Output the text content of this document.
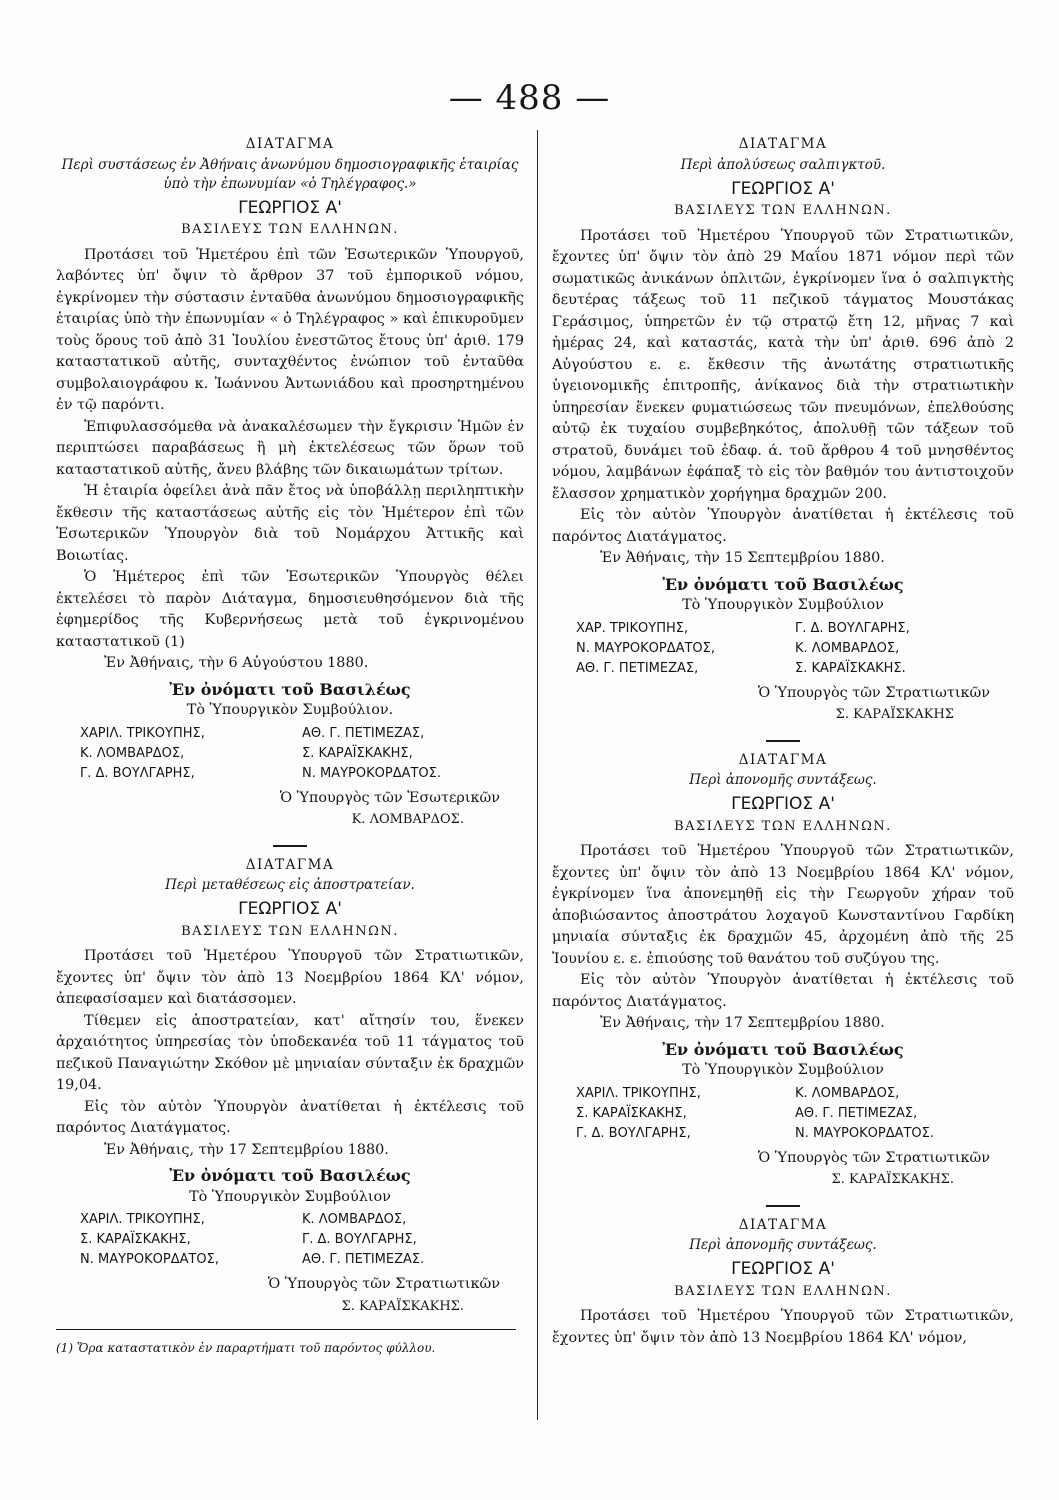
— 488 —
ΔΙΑΤΑΓΜΑ
Περὶ συστάσεως ἐν Ἀθήναις ἀνωνύμου δημοσιογραφικῆς ἑταιρίας ὑπὸ τὴν ἐπωνυμίαν «ὁ Τηλέγραφος.»
ΓΕΩΡΓΙΟΣ Α'
ΒΑΣΙΛΕΥΣ ΤΩΝ ΕΛΛΗΝΩΝ.

Προτάσει τοῦ Ἡμετέρου ἐπὶ τῶν Ἐσωτερικῶν Ὑπουργοῦ, λαβόντες ὑπ' ὄψιν τὸ ἄρθρον 37 τοῦ ἐμπορικοῦ νόμου, ἐγκρίνομεν τὴν σύστασιν ἐνταῦθα ἀνωνύμου δημοσιογραφικῆς ἑταιρίας ὑπὸ τὴν ἐπωνυμίαν « ὁ Τηλέγραφος » καὶ ἐπικυροῦμεν τοὺς ὅρους τοῦ ἀπὸ 31 Ἰουλίου ἐνεστῶτος ἔτους ὑπ' ἀριθ. 179 καταστατικοῦ αὐτῆς, συνταχθέντος ἐνώπιον τοῦ ἐνταῦθα συμβολαιογράφου κ. Ἰωάννου Ἀντωνιάδου καὶ προσηρτημένου ἐν τῷ παρόντι.

Ἐπιφυλασσόμεθα νὰ ἀνακαλέσωμεν τὴν ἔγκρισιν Ἡμῶν ἐν περιπτώσει παραβάσεως ἢ μὴ ἐκτελέσεως τῶν ὅρων τοῦ καταστατικοῦ αὐτῆς, ἄνευ βλάβης τῶν δικαιωμάτων τρίτων.

Ἡ ἑταιρία ὀφείλει ἀνὰ πᾶν ἔτος νὰ ὑποβάλλῃ περιληπτικὴν ἔκθεσιν τῆς καταστάσεως αὐτῆς εἰς τὸν Ἡμέτερον ἐπὶ τῶν Ἐσωτερικῶν Ὑπουργὸν διὰ τοῦ Νομάρχου Ἀττικῆς καὶ Βοιωτίας.

Ὁ Ἡμέτερος ἐπὶ τῶν Ἐσωτερικῶν Ὑπουργὸς θέλει ἐκτελέσει τὸ παρὸν Διάταγμα, δημοσιευθησόμενον διὰ τῆς ἐφημερίδος τῆς Κυβερνήσεως μετὰ τοῦ ἐγκρινομένου καταστατικοῦ (1)

Ἐν Ἀθήναις, τὴν 6 Αὐγούστου 1880.
Ἐν ὀνόματι τοῦ Βασιλέως
Τὸ Ὑπουργικὸν Συμβούλιον.
ΧΑΡΙΛ. ΤΡΙΚΟΥΠΗΣ,	ΑΘ. Γ. ΠΕΤΙΜΕΖΑΣ,
Κ. ΛΟΜΒΑΡΔΟΣ,	Σ. ΚΑΡΑΪΣΚΑΚΗΣ,
Γ. Δ. ΒΟΥΛΓΑΡΗΣ,	Ν. ΜΑΥΡΟΚΟΡΔΑΤΟΣ.
Ὁ Ὑπουργὸς τῶν Ἐσωτερικῶν
Κ. ΛΟΜΒΑΡΔΟΣ.
ΔΙΑΤΑΓΜΑ
Περὶ μεταθέσεως εἰς ἀποστρατείαν.
ΓΕΩΡΓΙΟΣ Α'
ΒΑΣΙΛΕΥΣ ΤΩΝ ΕΛΛΗΝΩΝ.

Προτάσει τοῦ Ἡμετέρου Ὑπουργοῦ τῶν Στρατιωτικῶν, ἔχοντες ὑπ' ὄψιν τὸν ἀπὸ 13 Νοεμβρίου 1864 ΚΛ' νόμον, ἀπεφασίσαμεν καὶ διατάσσομεν.

Τίθεμεν εἰς ἀποστρατείαν, κατ' αἴτησίν του, ἕνεκεν ἀρχαιότητος ὑπηρεσίας τὸν ὑποδεκανέα τοῦ 11 τάγματος τοῦ πεζικοῦ Παναγιώτην Σκόθον μὲ μηνιαίαν σύνταξιν ἐκ δραχμῶν 19,04.

Εἰς τὸν αὐτὸν Ὑπουργὸν ἀνατίθεται ἡ ἐκτέλεσις τοῦ παρόντος Διατάγματος.

Ἐν Ἀθήναις, τὴν 17 Σεπτεμβρίου 1880.
Ἐν ὀνόματι τοῦ Βασιλέως
Τὸ Ὑπουργικὸν Συμβούλιον
ΧΑΡΙΛ. ΤΡΙΚΟΥΠΗΣ,	Κ. ΛΟΜΒΑΡΔΟΣ,
Σ. ΚΑΡΑΪΣΚΑΚΗΣ,	Γ. Δ. ΒΟΥΛΓΑΡΗΣ,
Ν. ΜΑΥΡΟΚΟΡΔΑΤΟΣ,	ΑΘ. Γ. ΠΕΤΙΜΕΖΑΣ.
Ὁ Ὑπουργὸς τῶν Στρατιωτικῶν
Σ. ΚΑΡΑΪΣΚΑΚΗΣ.
(1) Ὅρα καταστατικὸν ἐν παραρτήματι τοῦ παρόντος φύλλου.
ΔΙΑΤΑΓΜΑ
Περὶ ἀπολύσεως σαλπιγκτοῦ.
ΓΕΩΡΓΙΟΣ Α'
ΒΑΣΙΛΕΥΣ ΤΩΝ ΕΛΛΗΝΩΝ.

Προτάσει τοῦ Ἡμετέρου Ὑπουργοῦ τῶν Στρατιωτικῶν, ἔχοντες ὑπ' ὄψιν τὸν ἀπὸ 29 Μαΐου 1871 νόμον περὶ τῶν σωματικῶς ἀνικάνων ὁπλιτῶν, ἐγκρίνομεν ἵνα ὁ σαλπιγκτὴς δευτέρας τάξεως τοῦ 11 πεζικοῦ τάγματος Μουστάκας Γεράσιμος, ὑπηρετῶν ἐν τῷ στρατῷ ἔτη 12, μῆνας 7 καὶ ἡμέρας 24, καὶ καταστάς, κατὰ τὴν ὑπ' ἀριθ. 696 ἀπὸ 2 Αὐγούστου ε. ε. ἔκθεσιν τῆς ἀνωτάτης στρατιωτικῆς ὑγειονομικῆς ἐπιτροπῆς, ἀνίκανος διὰ τὴν στρατιωτικὴν ὑπηρεσίαν ἕνεκεν φυματιώσεως τῶν πνευμόνων, ἐπελθούσης αὐτῷ ἐκ τυχαίου συμβεβηκότος, ἀπολυθῇ τῶν τάξεων τοῦ στρατοῦ, δυνάμει τοῦ ἐδαφ. ά. τοῦ ἄρθρου 4 τοῦ μνησθέντος νόμου, λαμβάνων ἐφάπαξ τὸ εἰς τὸν βαθμόν του ἀντιστοιχοῦν ἔλασσον χρηματικὸν χορήγημα δραχμῶν 200.

Εἰς τὸν αὐτὸν Ὑπουργὸν ἀνατίθεται ἡ ἐκτέλεσις τοῦ παρόντος Διατάγματος.

Ἐν Ἀθήναις, τὴν 15 Σεπτεμβρίου 1880.
Ἐν ὀνόματι τοῦ Βασιλέως
Τὸ Ὑπουργικὸν Συμβούλιον
ΧΑΡ. ΤΡΙΚΟΥΠΗΣ,	Γ. Δ. ΒΟΥΛΓΑΡΗΣ,
Ν. ΜΑΥΡΟΚΟΡΔΑΤΟΣ,	Κ. ΛΟΜΒΑΡΔΟΣ,
ΑΘ. Γ. ΠΕΤΙΜΕΖΑΣ,	Σ. ΚΑΡΑΪΣΚΑΚΗΣ.
Ὁ Ὑπουργὸς τῶν Στρατιωτικῶν
Σ. ΚΑΡΑΪΣΚΑΚΗΣ
ΔΙΑΤΑΓΜΑ
Περὶ ἀπονομῆς συντάξεως.
ΓΕΩΡΓΙΟΣ Α'
ΒΑΣΙΛΕΥΣ ΤΩΝ ΕΛΛΗΝΩΝ.

Προτάσει τοῦ Ἡμετέρου Ὑπουργοῦ τῶν Στρατιωτικῶν, ἔχοντες ὑπ' ὄψιν τὸν ἀπὸ 13 Νοεμβρίου 1864 ΚΛ' νόμον, ἐγκρίνομεν ἵνα ἀπονεμηθῇ εἰς τὴν Γεωργοῦν χήραν τοῦ ἀποβιώσαντος ἀποστράτου λοχαγοῦ Κωνσταντίνου Γαρδίκη μηνιαία σύνταξις ἐκ δραχμῶν 45, ἀρχομένη ἀπὸ τῆς 25 Ἰουνίου ε. ε. ἐπιούσης τοῦ θανάτου τοῦ συζύγου της.

Εἰς τὸν αὐτὸν Ὑπουργὸν ἀνατίθεται ἡ ἐκτέλεσις τοῦ παρόντος Διατάγματος.

Ἐν Ἀθήναις, τὴν 17 Σεπτεμβρίου 1880.
Ἐν ὀνόματι τοῦ Βασιλέως
Τὸ Ὑπουργικὸν Συμβούλιον
ΧΑΡΙΛ. ΤΡΙΚΟΥΠΗΣ,	Κ. ΛΟΜΒΑΡΔΟΣ,
Σ. ΚΑΡΑΪΣΚΑΚΗΣ,	ΑΘ. Γ. ΠΕΤΙΜΕΖΑΣ,
Γ. Δ. ΒΟΥΛΓΑΡΗΣ,	Ν. ΜΑΥΡΟΚΟΡΔΑΤΟΣ.
Ὁ Ὑπουργὸς τῶν Στρατιωτικῶν
Σ. ΚΑΡΑΪΣΚΑΚΗΣ.
ΔΙΑΤΑΓΜΑ
Περὶ ἀπονομῆς συντάξεως.
ΓΕΩΡΓΙΟΣ Α'
ΒΑΣΙΛΕΥΣ ΤΩΝ ΕΛΛΗΝΩΝ.

Προτάσει τοῦ Ἡμετέρου Ὑπουργοῦ τῶν Στρατιωτικῶν, ἔχοντες ὑπ' ὄψιν τὸν ἀπὸ 13 Νοεμβρίου 1864 ΚΛ' νόμον,
